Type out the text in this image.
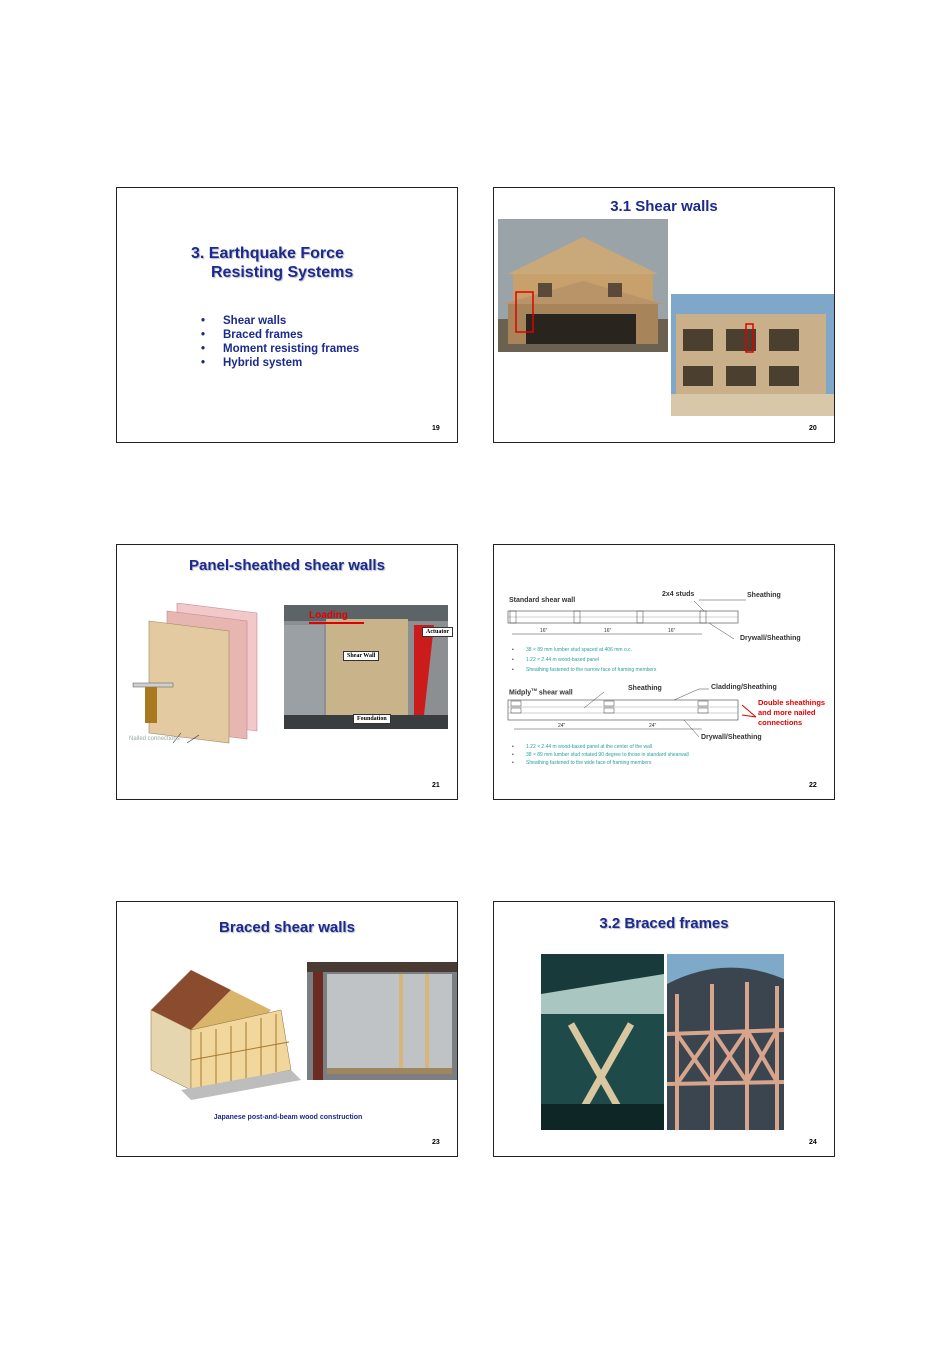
3. Earthquake Force
Resisting Systems
• Shear walls
• Braced frames
• Moment resisting frames
• Hybrid system
19
3.1 Shear walls
20
Panel-sheathed shear walls
Nailed connections
Loading
Actuator
Shear Wall
Foundation
21
Standard shear wall
2x4 studs	Sheathing
Drywall/Sheathing
16"	16"	16"
• 38 × 89 mm lumber stud spaced at 406 mm o.c.
• 1.22 × 2.44 m wood-based panel
• Sheathing fastened to the narrow face of framing members
Midply™ shear wall
Sheathing	Cladding/Sheathing
Double sheathings
and more nailed
connections
24"	24"
Drywall/Sheathing
• 1.22 × 2.44 m wood-based panel at the center of the wall
• 38 × 89 mm lumber stud rotated 90 degree to those in standard shearwall
• Sheathing fastened to the wide face of framing members
22
Braced shear walls
Japanese post-and-beam wood construction
23
3.2 Braced frames
24
